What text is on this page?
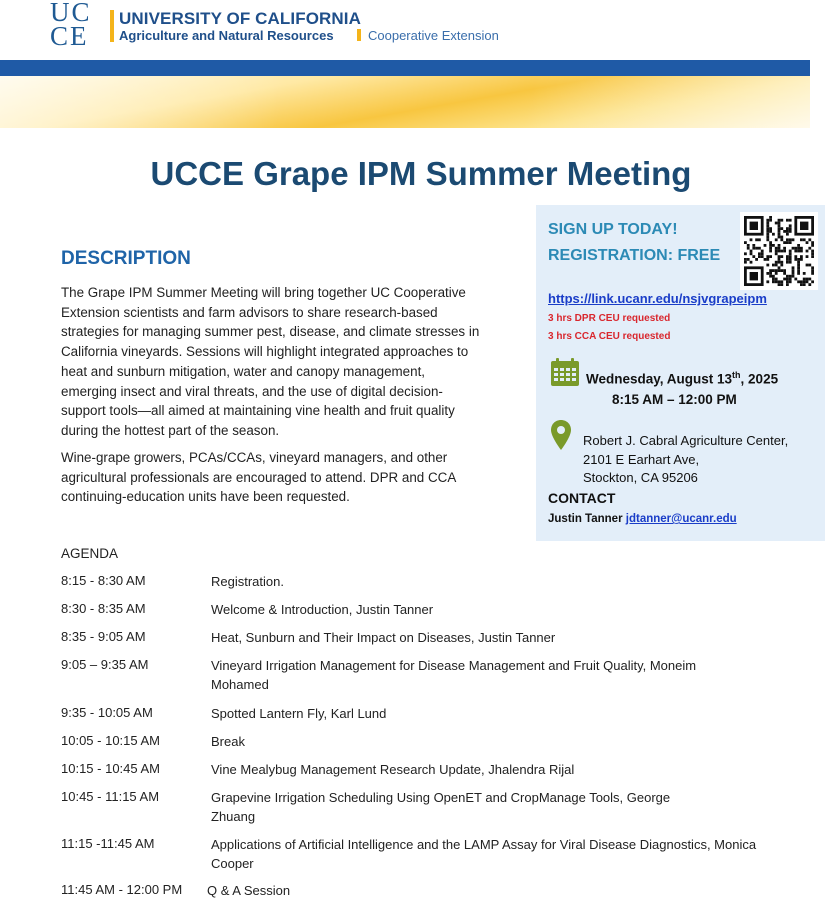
UC
CE
UNIVERSITY OF CALIFORNIA
Agriculture and Natural Resources	Cooperative Extension
UCCE Grape IPM Summer Meeting
SIGN UP TODAY!
REGISTRATION: FREE
https://link.ucanr.edu/nsjvgrapeipm
3 hrs DPR CEU requested
3 hrs CCA CEU requested
Wednesday, August 13th, 2025
8:15 AM – 12:00 PM
Robert J. Cabral Agriculture Center,
2101 E Earhart Ave,
Stockton, CA 95206
CONTACT
Justin Tanner jdtanner@ucanr.edu
DESCRIPTION
The Grape IPM Summer Meeting will bring together UC Cooperative
Extension scientists and farm advisors to share research-based
strategies for managing summer pest, disease, and climate stresses in
California vineyards. Sessions will highlight integrated approaches to
heat and sunburn mitigation, water and canopy management,
emerging insect and viral threats, and the use of digital decision-
support tools—all aimed at maintaining vine health and fruit quality
during the hottest part of the season.
Wine-grape growers, PCAs/CCAs, vineyard managers, and other
agricultural professionals are encouraged to attend. DPR and CCA
continuing-education units have been requested.
AGENDA
8:15 - 8:30 AM	Registration.
8:30 - 8:35 AM	Welcome & Introduction, Justin Tanner
8:35 - 9:05 AM	Heat, Sunburn and Their Impact on Diseases, Justin Tanner
9:05 – 9:35 AM	Vineyard Irrigation Management for Disease Management and Fruit Quality, Moneim
Mohamed
9:35 - 10:05 AM	Spotted Lantern Fly, Karl Lund
10:05 - 10:15 AM	Break
10:15 - 10:45 AM	Vine Mealybug Management Research Update, Jhalendra Rijal
10:45 - 11:15 AM	Grapevine Irrigation Scheduling Using OpenET and CropManage Tools, George
Zhuang
11:15 -11:45 AM	Applications of Artificial Intelligence and the LAMP Assay for Viral Disease Diagnostics, Monica
Cooper
11:45 AM - 12:00 PM Q & A Session
